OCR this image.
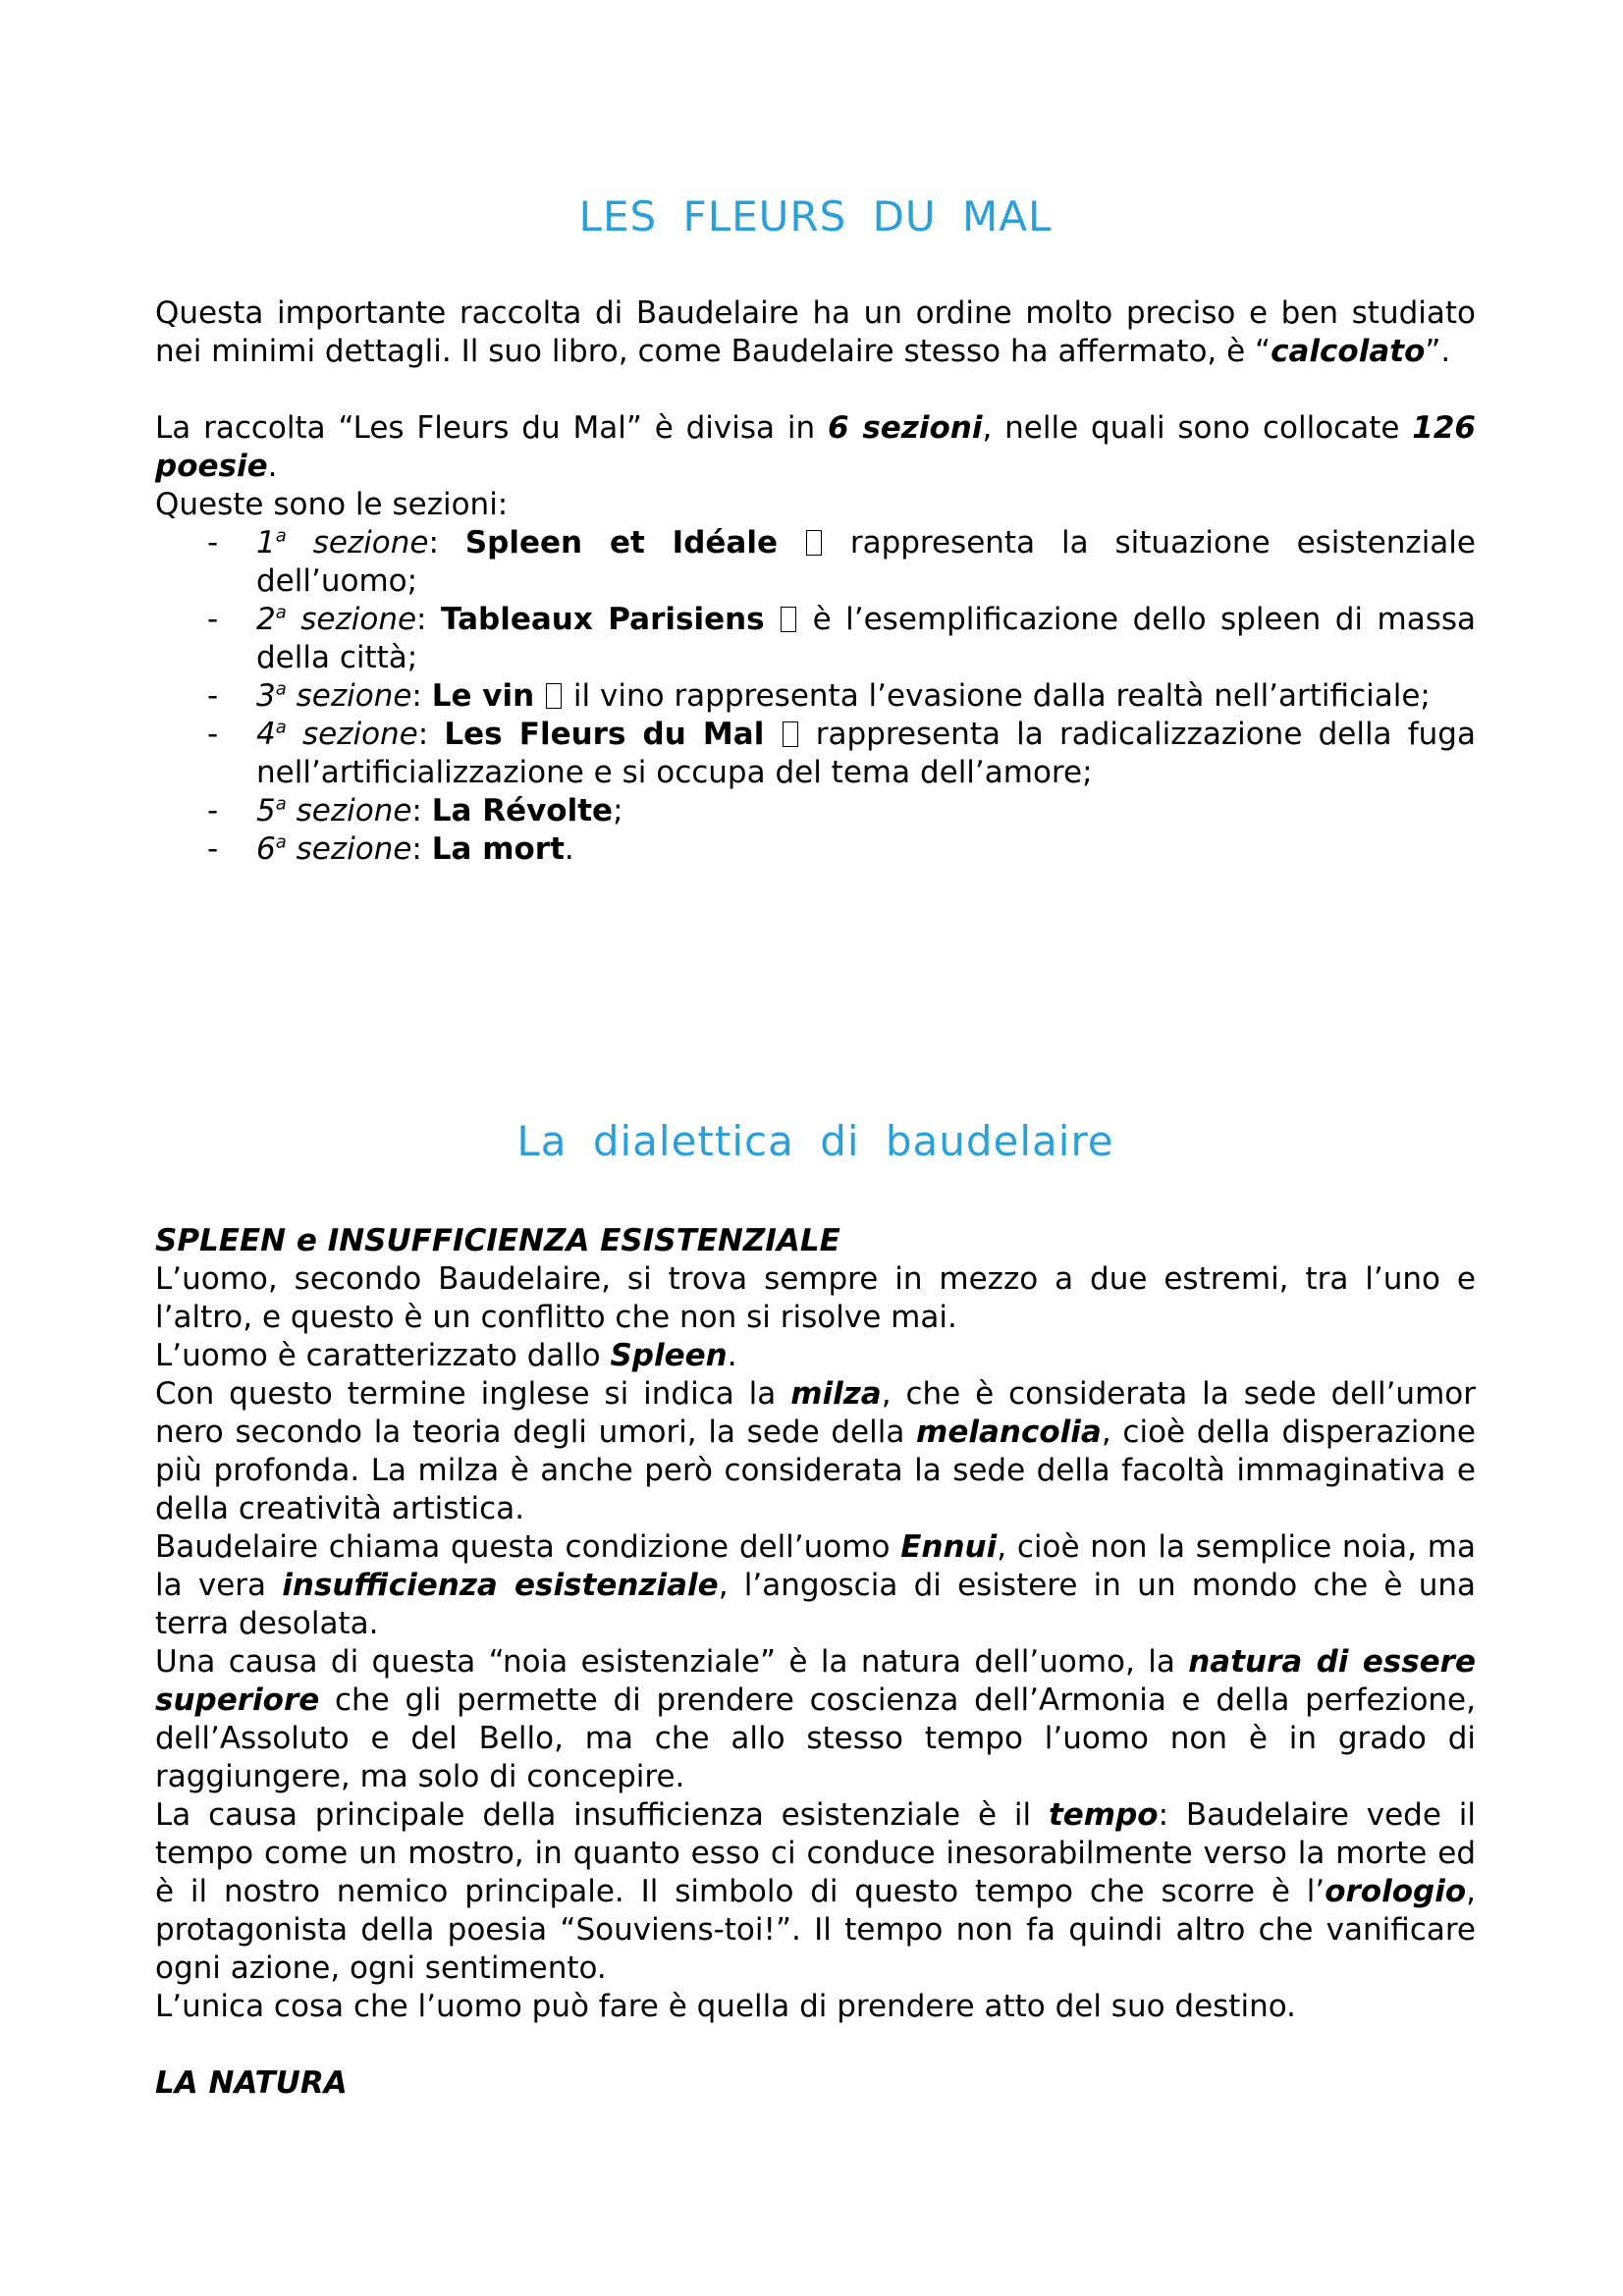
LES FLEURS DU MAL

Questa importante raccolta di Baudelaire ha un ordine molto preciso e ben studiato nei minimi dettagli. Il suo libro, come Baudelaire stesso ha affermato, è “calcolato”.

La raccolta “Les Fleurs du Mal” è divisa in 6 sezioni, nelle quali sono collocate 126 poesie.

Queste sono le sezioni:

- 1$^a$ sezione: Spleen et Idéale  rappresenta la situazione esistenziale dell’uomo;
- 2$^a$ sezione: Tableaux Parisiens  è l’esemplificazione dello spleen di massa della città;
- 3$^a$ sezione: Le vin  il vino rappresenta l’evasione dalla realtà nell’artificiale;
- 4$^a$ sezione: Les Fleurs du Mal  rappresenta la radicalizzazione della fuga nell’artificializzazione e si occupa del tema dell’amore;
- 5$^a$ sezione: La Révolte;
- 6$^a$ sezione: La mort.
La dialettica di baudelaire

SPLEEN e INSUFFICIENZA ESISTENZIALE

L’uomo, secondo Baudelaire, si trova sempre in mezzo a due estremi, tra l’uno e l’altro, e questo è un conflitto che non si risolve mai.

L’uomo è caratterizzato dallo Spleen.

Con questo termine inglese si indica la milza, che è considerata la sede dell’umor nero secondo la teoria degli umori, la sede della melancolia, cioè della disperazione più profonda. La milza è anche però considerata la sede della facoltà immaginativa e della creatività artistica.

Baudelaire chiama questa condizione dell’uomo Ennui, cioè non la semplice noia, ma la vera insufficienza esistenziale, l’angoscia di esistere in un mondo che è una terra desolata.

Una causa di questa “noia esistenziale” è la natura dell’uomo, la natura di essere superiore che gli permette di prendere coscienza dell’Armonia e della perfezione, dell’Assoluto e del Bello, ma che allo stesso tempo l’uomo non è in grado di raggiungere, ma solo di concepire.

La causa principale della insufficienza esistenziale è il tempo: Baudelaire vede il tempo come un mostro, in quanto esso ci conduce inesorabilmente verso la morte ed è il nostro nemico principale. Il simbolo di questo tempo che scorre è l’orologio, protagonista della poesia “Souviens-toi!”. Il tempo non fa quindi altro che vanificare ogni azione, ogni sentimento.

L’unica cosa che l’uomo può fare è quella di prendere atto del suo destino.

LA NATURA
